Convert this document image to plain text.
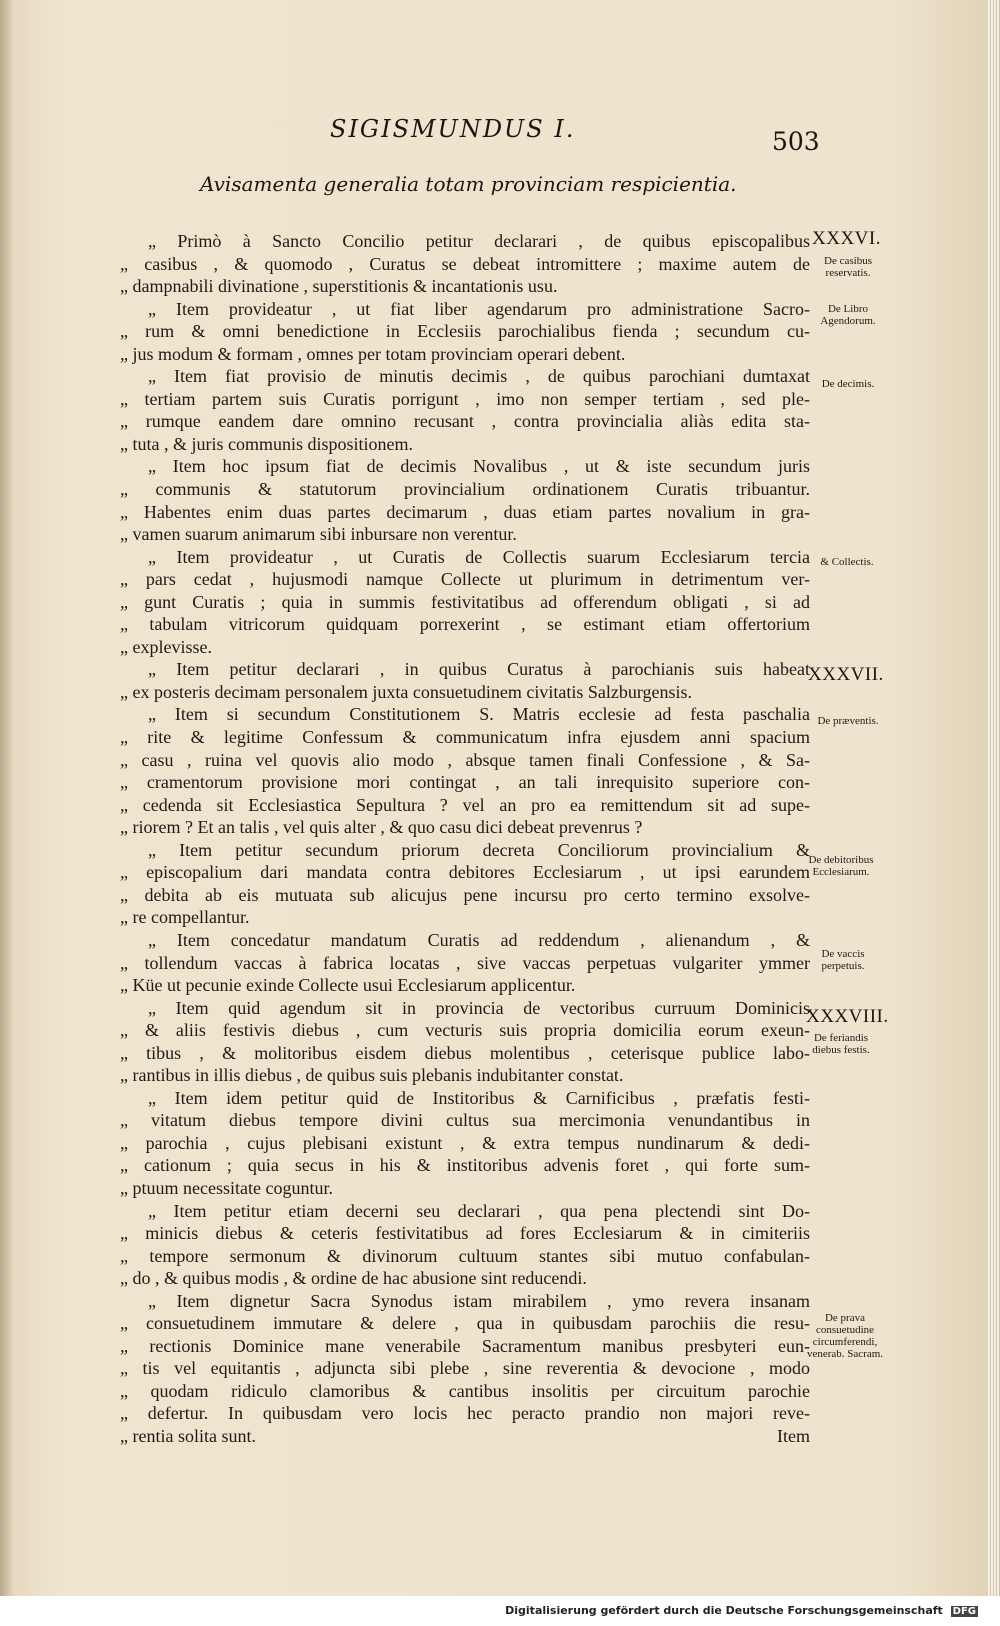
SIGISMUNDUS I.	503
Avisamenta generalia totam provinciam respicientia.
„ Primò à Sancto Concilio petitur declarari , de quibus episcopalibus
„ casibus , & quomodo , Curatus se debeat intromittere ; maxime autem de
„ dampnabili divinatione , superstitionis & incantationis usu.
„ Item provideatur , ut fiat liber agendarum pro administratione Sacro-
„ rum & omni benedictione in Ecclesiis parochialibus fienda ; secundum cu-
„ jus modum & formam , omnes per totam provinciam operari debent.
„ Item fiat provisio de minutis decimis , de quibus parochiani dumtaxat
„ tertiam partem suis Curatis porrigunt , imo non semper tertiam , sed ple-
„ rumque eandem dare omnino recusant , contra provincialia aliàs edita sta-
„ tuta , & juris communis dispositionem.
„ Item hoc ipsum fiat de decimis Novalibus , ut & iste secundum juris
„ communis & statutorum provincialium ordinationem Curatis tribuantur.
„ Habentes enim duas partes decimarum , duas etiam partes novalium in gra-
„ vamen suarum animarum sibi inbursare non verentur.
„ Item provideatur , ut Curatis de Collectis suarum Ecclesiarum tercia
„ pars cedat , hujusmodi namque Collecte ut plurimum in detrimentum ver-
„ gunt Curatis ; quia in summis festivitatibus ad offerendum obligati , si ad
„ tabulam vitricorum quidquam porrexerint , se estimant etiam offertorium
„ explevisse.
„ Item petitur declarari , in quibus Curatus à parochianis suis habeat
„ ex posteris decimam personalem juxta consuetudinem civitatis Salzburgensis.
„ Item si secundum Constitutionem S. Matris ecclesie ad festa paschalia
„ rite & legitime Confessum & communicatum infra ejusdem anni spacium
„ casu , ruina vel quovis alio modo , absque tamen finali Confessione , & Sa-
„ cramentorum provisione mori contingat , an tali inrequisito superiore con-
„ cedenda sit Ecclesiastica Sepultura ? vel an pro ea remittendum sit ad supe-
„ riorem ? Et an talis , vel quis alter , & quo casu dici debeat prevenrus ?
„ Item petitur secundum priorum decreta Conciliorum provincialium &
„ episcopalium dari mandata contra debitores Ecclesiarum , ut ipsi earundem
„ debita ab eis mutuata sub alicujus pene incursu pro certo termino exsolve-
„ re compellantur.
„ Item concedatur mandatum Curatis ad reddendum , alienandum , &
„ tollendum vaccas à fabrica locatas , sive vaccas perpetuas vulgariter ymmer
„ Küe ut pecunie exinde Collecte usui Ecclesiarum applicentur.
„ Item quid agendum sit in provincia de vectoribus curruum Dominicis
„ & aliis festivis diebus , cum vecturis suis propria domicilia eorum exeun-
„ tibus , & molitoribus eisdem diebus molentibus , ceterisque publice labo-
„ rantibus in illis diebus , de quibus suis plebanis indubitanter constat.
„ Item idem petitur quid de Institoribus & Carnificibus , præfatis festi-
„ vitatum diebus tempore divini cultus sua mercimonia venundantibus in
„ parochia , cujus plebisani existunt , & extra tempus nundinarum & dedi-
„ cationum ; quia secus in his & institoribus advenis foret , qui forte sum-
„ ptuum necessitate coguntur.
„ Item petitur etiam decerni seu declarari , qua pena plectendi sint Do-
„ minicis diebus & ceteris festivitatibus ad fores Ecclesiarum & in cimiteriis
„ tempore sermonum & divinorum cultuum stantes sibi mutuo confabulan-
„ do , & quibus modis , & ordine de hac abusione sint reducendi.
„ Item dignetur Sacra Synodus istam mirabilem , ymo revera insanam
„ consuetudinem immutare & delere , qua in quibusdam parochiis die resu-
„ rectionis Dominice mane venerabile Sacramentum manibus presbyteri eun-
„ tis vel equitantis , adjuncta sibi plebe , sine reverentia & devocione , modo
„ quodam ridiculo clamoribus & cantibus insolitis per circuitum parochie
„ defertur. In quibusdam vero locis hec peracto prandio non majori reve-
„ rentia solita sunt.	Item
XXXVI.
XXXVII.
XXXVIII.
De casibus reservatis.
De Libro Agendorum.
De decimis.
& Collectis.
De præventis.
De debitoribus Ecclesiarum.
De vaccis perpetuis.
De feriandis diebus festis.
De prava consuetudine circumferendi, venerab. Sacram.
Digitalisierung gefördert durch die Deutsche Forschungsgemeinschaft DFG
